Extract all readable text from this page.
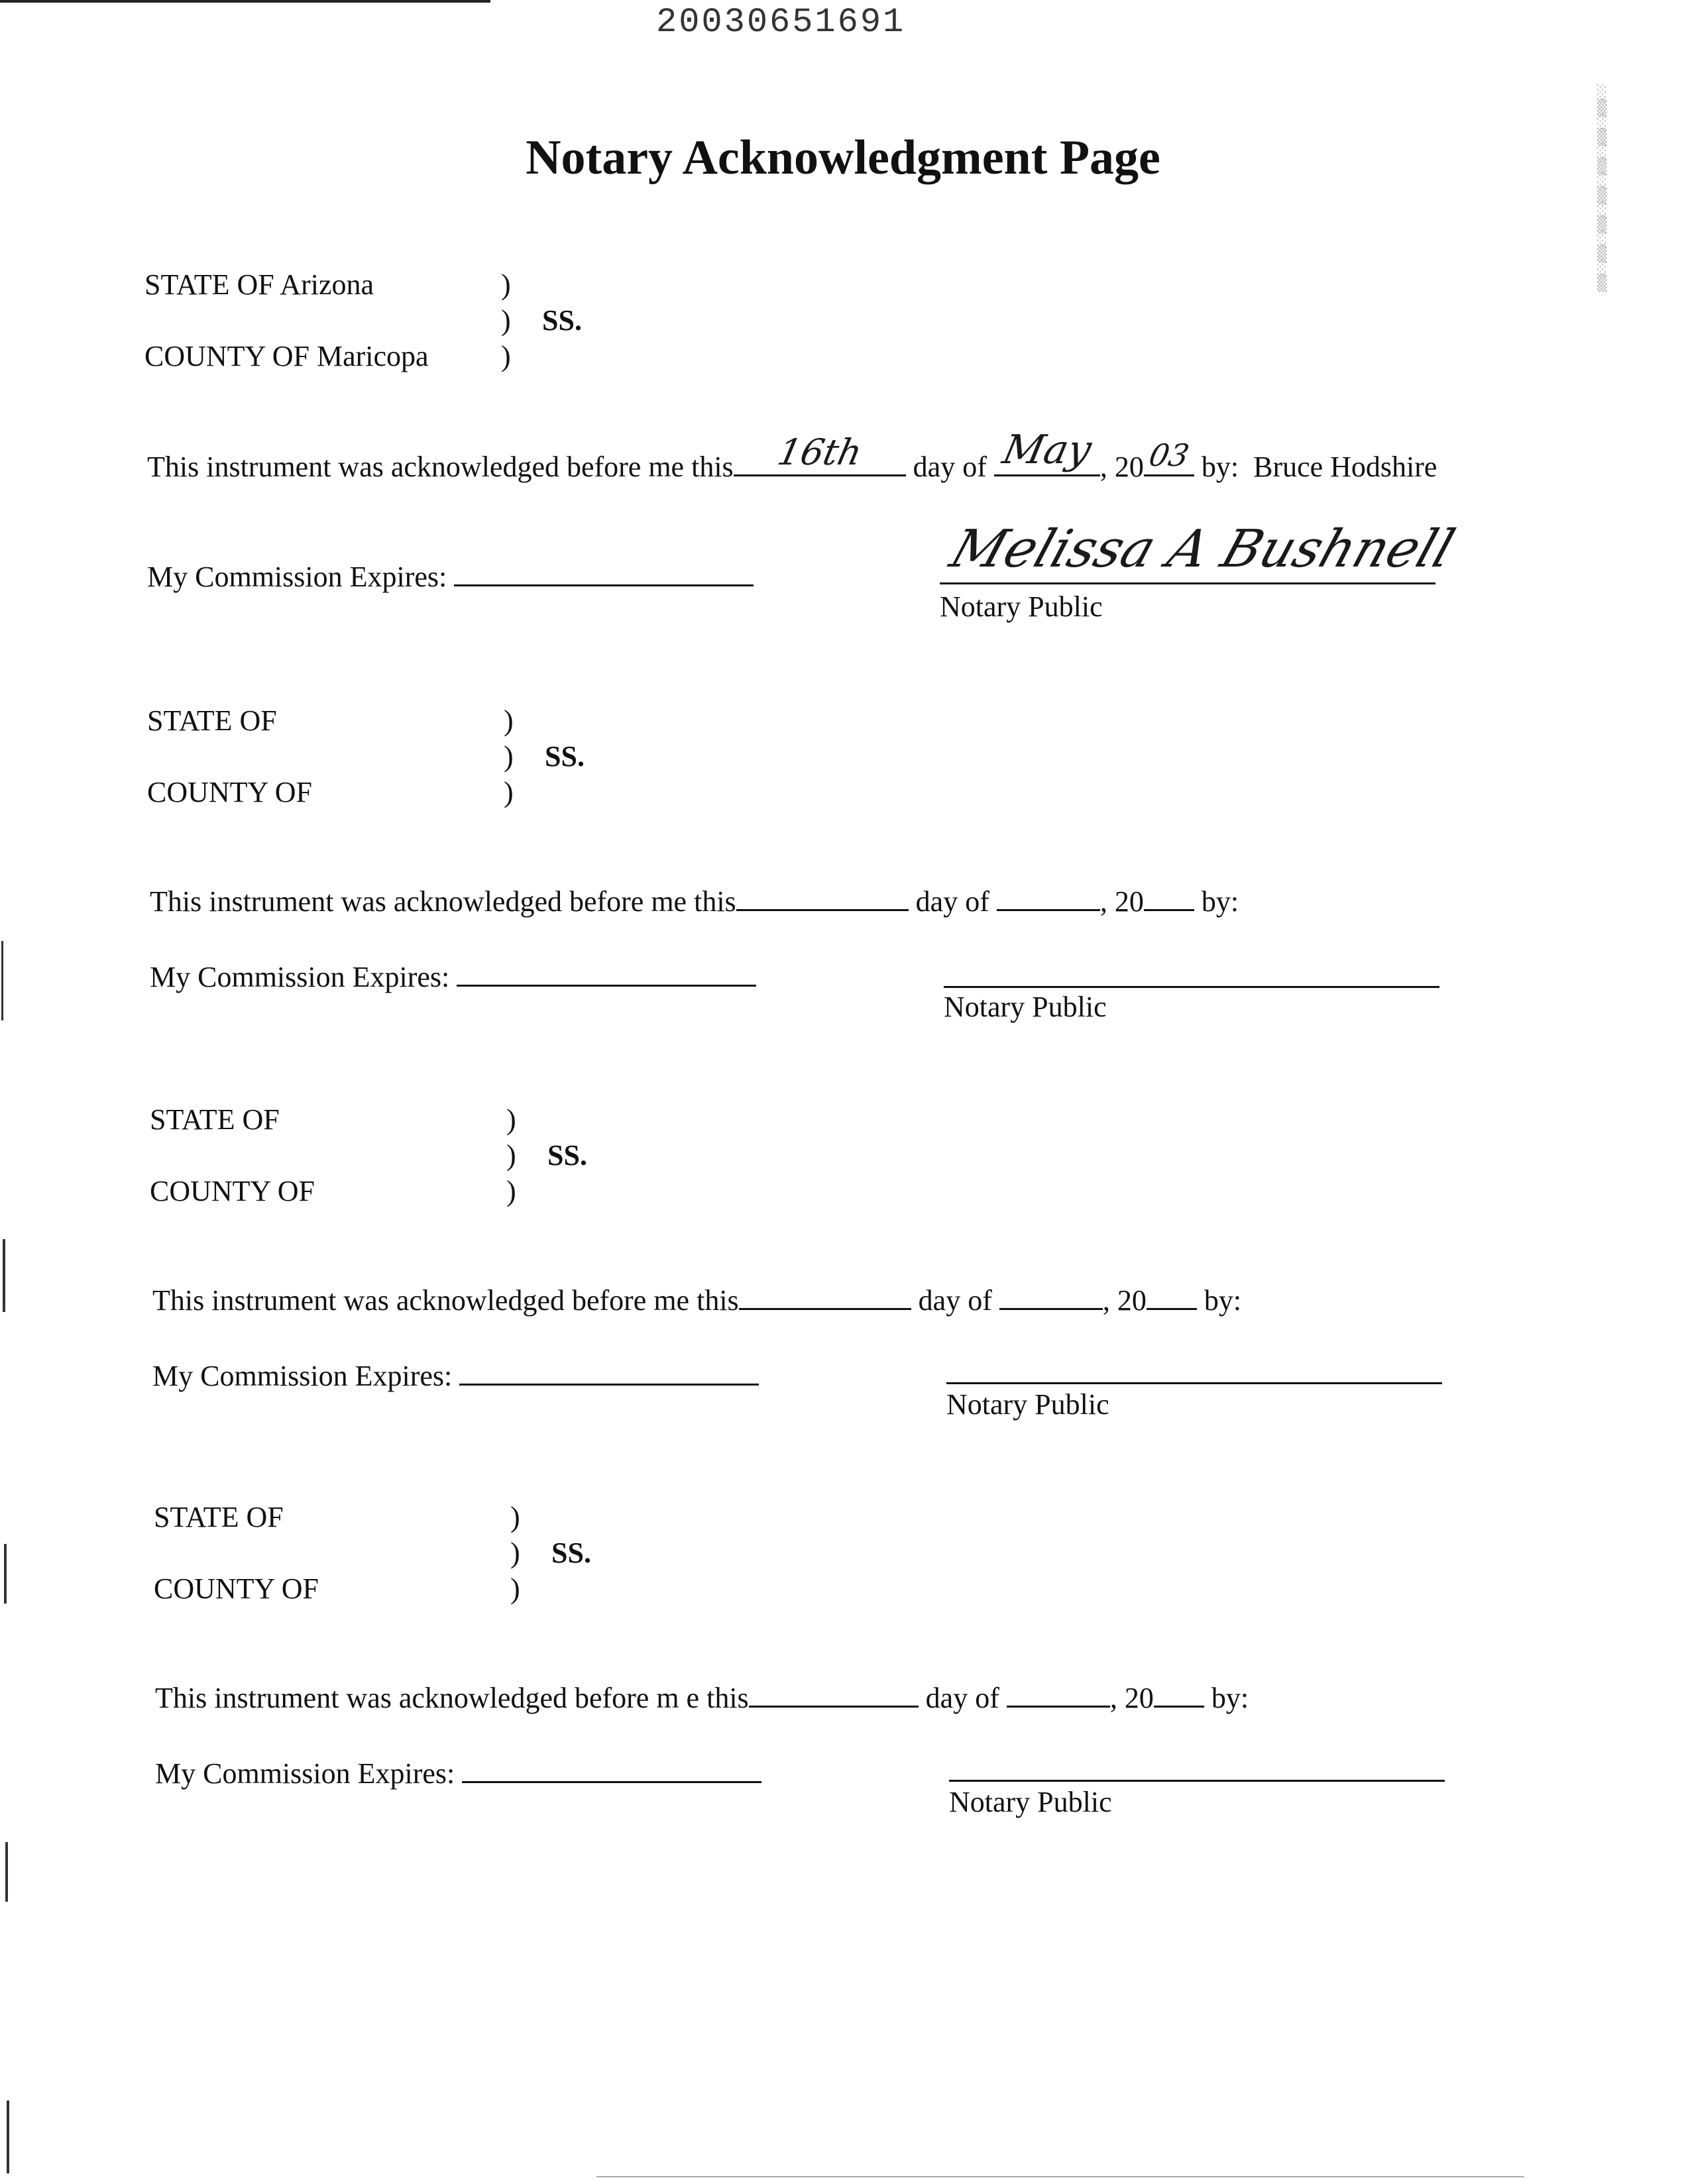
20030651691
░
▒
░
▒
░
▒
░
▒
░
▒
░
▒
░
▒
Notary Acknowledgment Page
STATE OF Arizona	)
) SS.
COUNTY OF Maricopa )
This instrument was acknowledged before me this	16th	day of May , 20 03 by: Bruce Hodshire
My Commission Expires:	Melissa A Bushnell
Notary Public
STATE OF	)
) SS.
COUNTY OF	)
This instrument was acknowledged before me this	day of	, 20 by:
My Commission Expires:
Notary Public
STATE OF	)
) SS.
COUNTY OF	)
This instrument was acknowledged before me this	day of	, 20 by:
My Commission Expires:
Notary Public
STATE OF	)
) SS.
COUNTY OF	)
This instrument was acknowledged before m e this	day of	, 20 by:
My Commission Expires:
Notary Public
